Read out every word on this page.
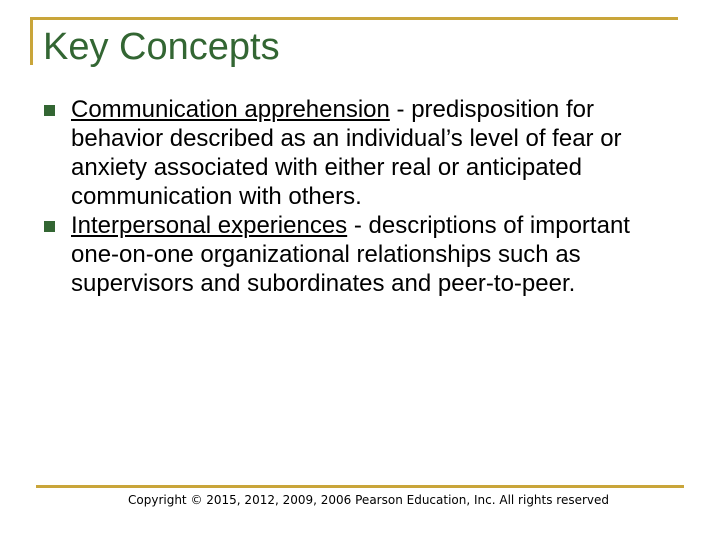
Key Concepts
Communication apprehension - predisposition for behavior described as an individual’s level of fear or anxiety associated with either real or anticipated communication with others.
Interpersonal experiences - descriptions of important one-on-one organizational relationships such as supervisors and subordinates and peer-to-peer.
Copyright © 2015, 2012, 2009, 2006 Pearson Education, Inc. All rights reserved
